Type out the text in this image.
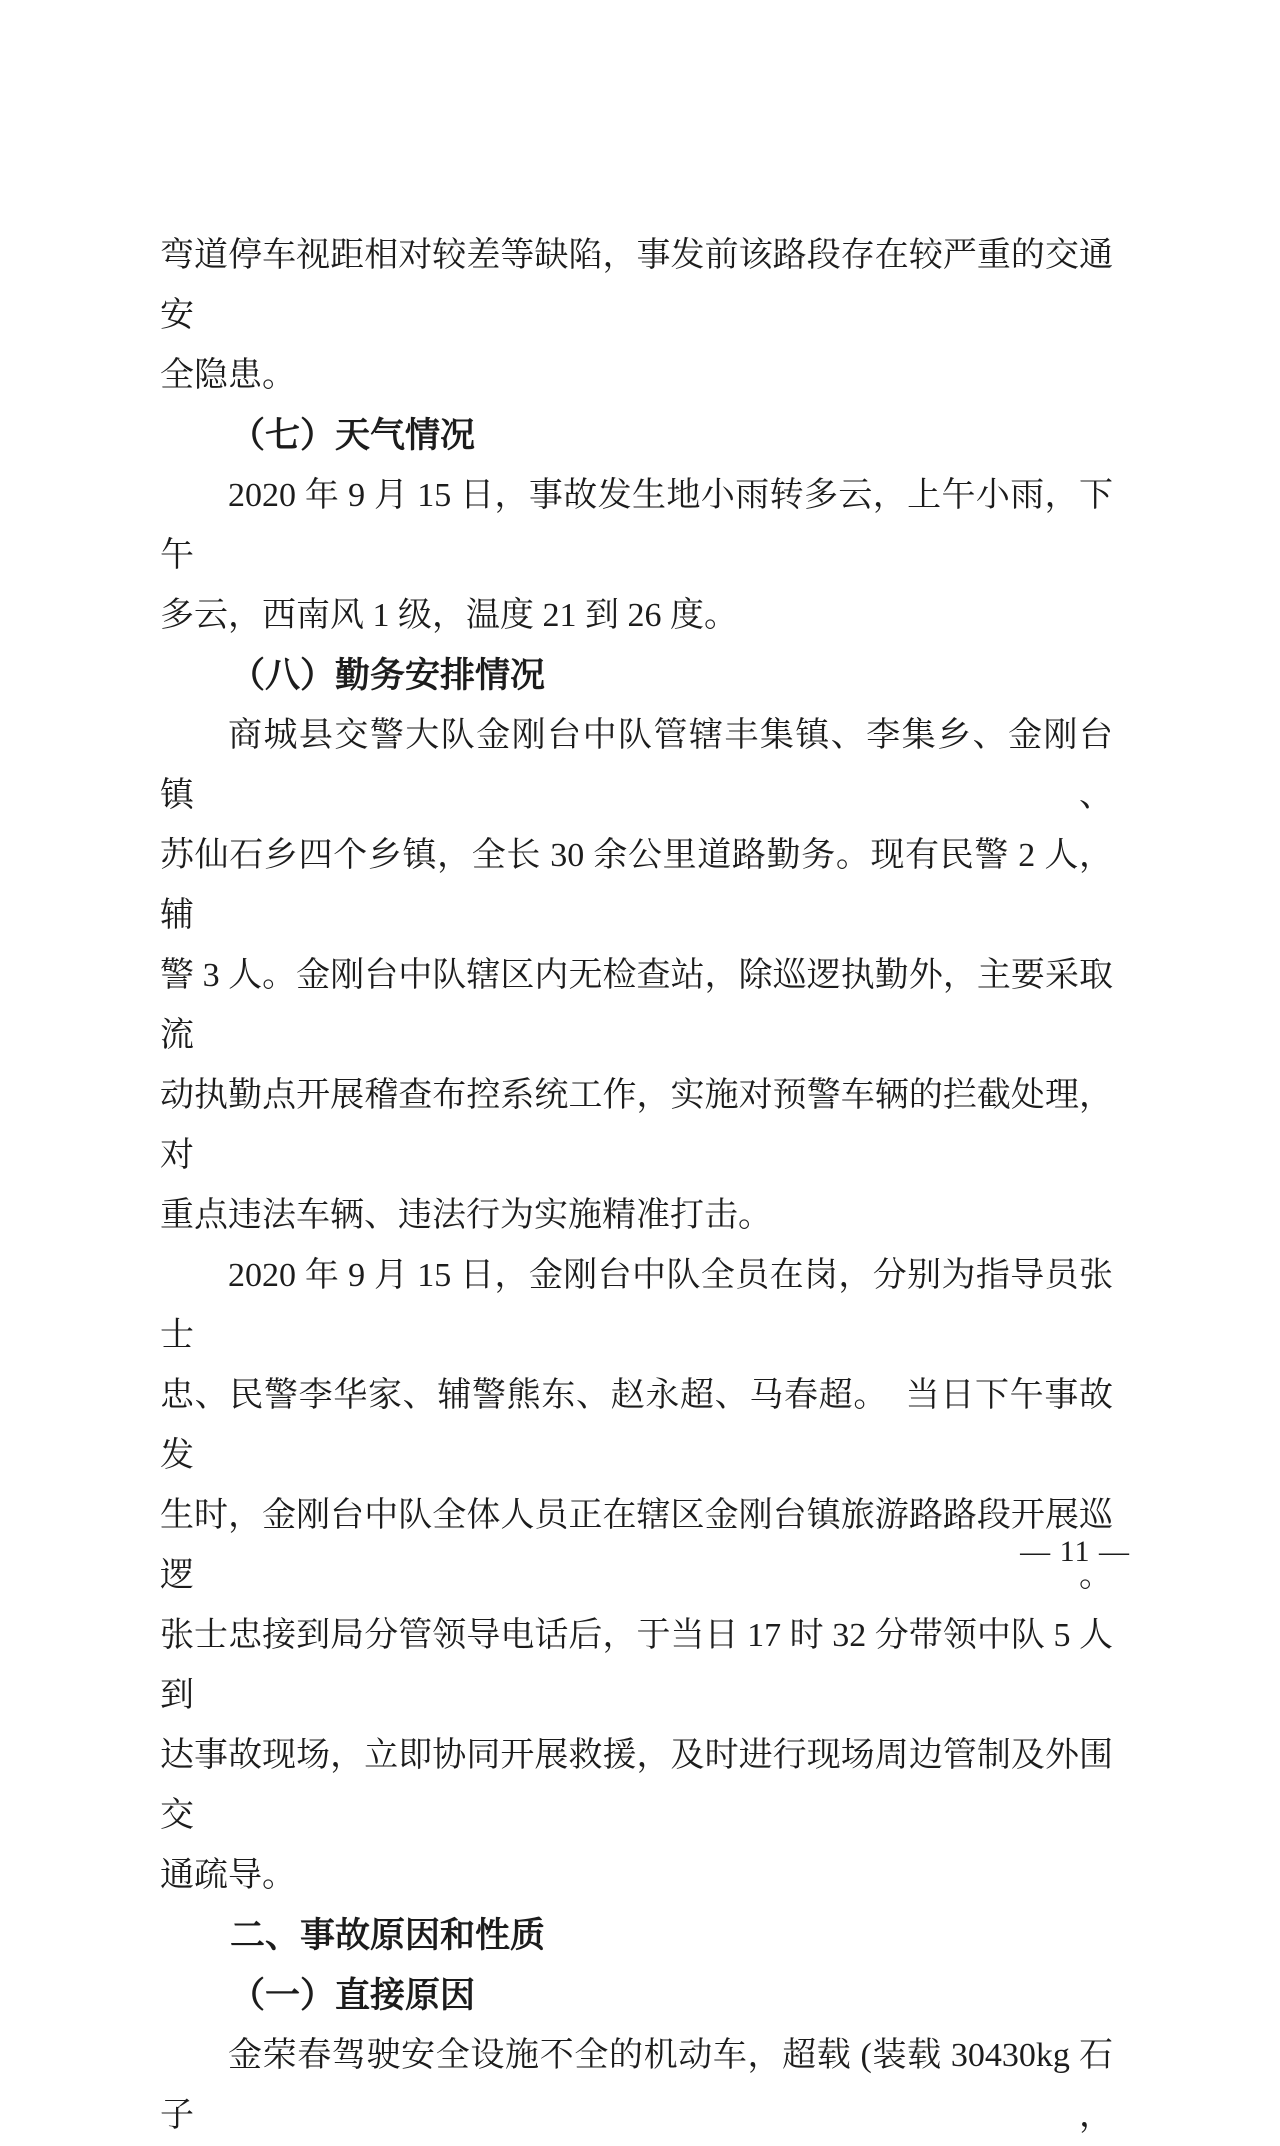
弯道停车视距相对较差等缺陷，事发前该路段存在较严重的交通安
全隐患。
（七）天气情况
2020 年 9 月 15 日，事故发生地小雨转多云，上午小雨，下午
多云，西南风 1 级，温度 21 到 26 度。
（八）勤务安排情况
商城县交警大队金刚台中队管辖丰集镇、李集乡、金刚台镇、
苏仙石乡四个乡镇，全长 30 余公里道路勤务。现有民警 2 人，辅
警 3 人。金刚台中队辖区内无检查站，除巡逻执勤外，主要采取流
动执勤点开展稽查布控系统工作，实施对预警车辆的拦截处理，对
重点违法车辆、违法行为实施精准打击。
2020 年 9 月 15 日，金刚台中队全员在岗，分别为指导员张士
忠、民警李华家、辅警熊东、赵永超、马春超。　当日下午事故发
生时，金刚台中队全体人员正在辖区金刚台镇旅游路路段开展巡逻。
张士忠接到局分管领导电话后，于当日 17 时 32 分带领中队 5 人到
达事故现场，立即协同开展救援，及时进行现场周边管制及外围交
通疏导。
二、事故原因和性质
（一）直接原因
金荣春驾驶安全设施不全的机动车，超载 (装载 30430kg 石子，
— 11 —
